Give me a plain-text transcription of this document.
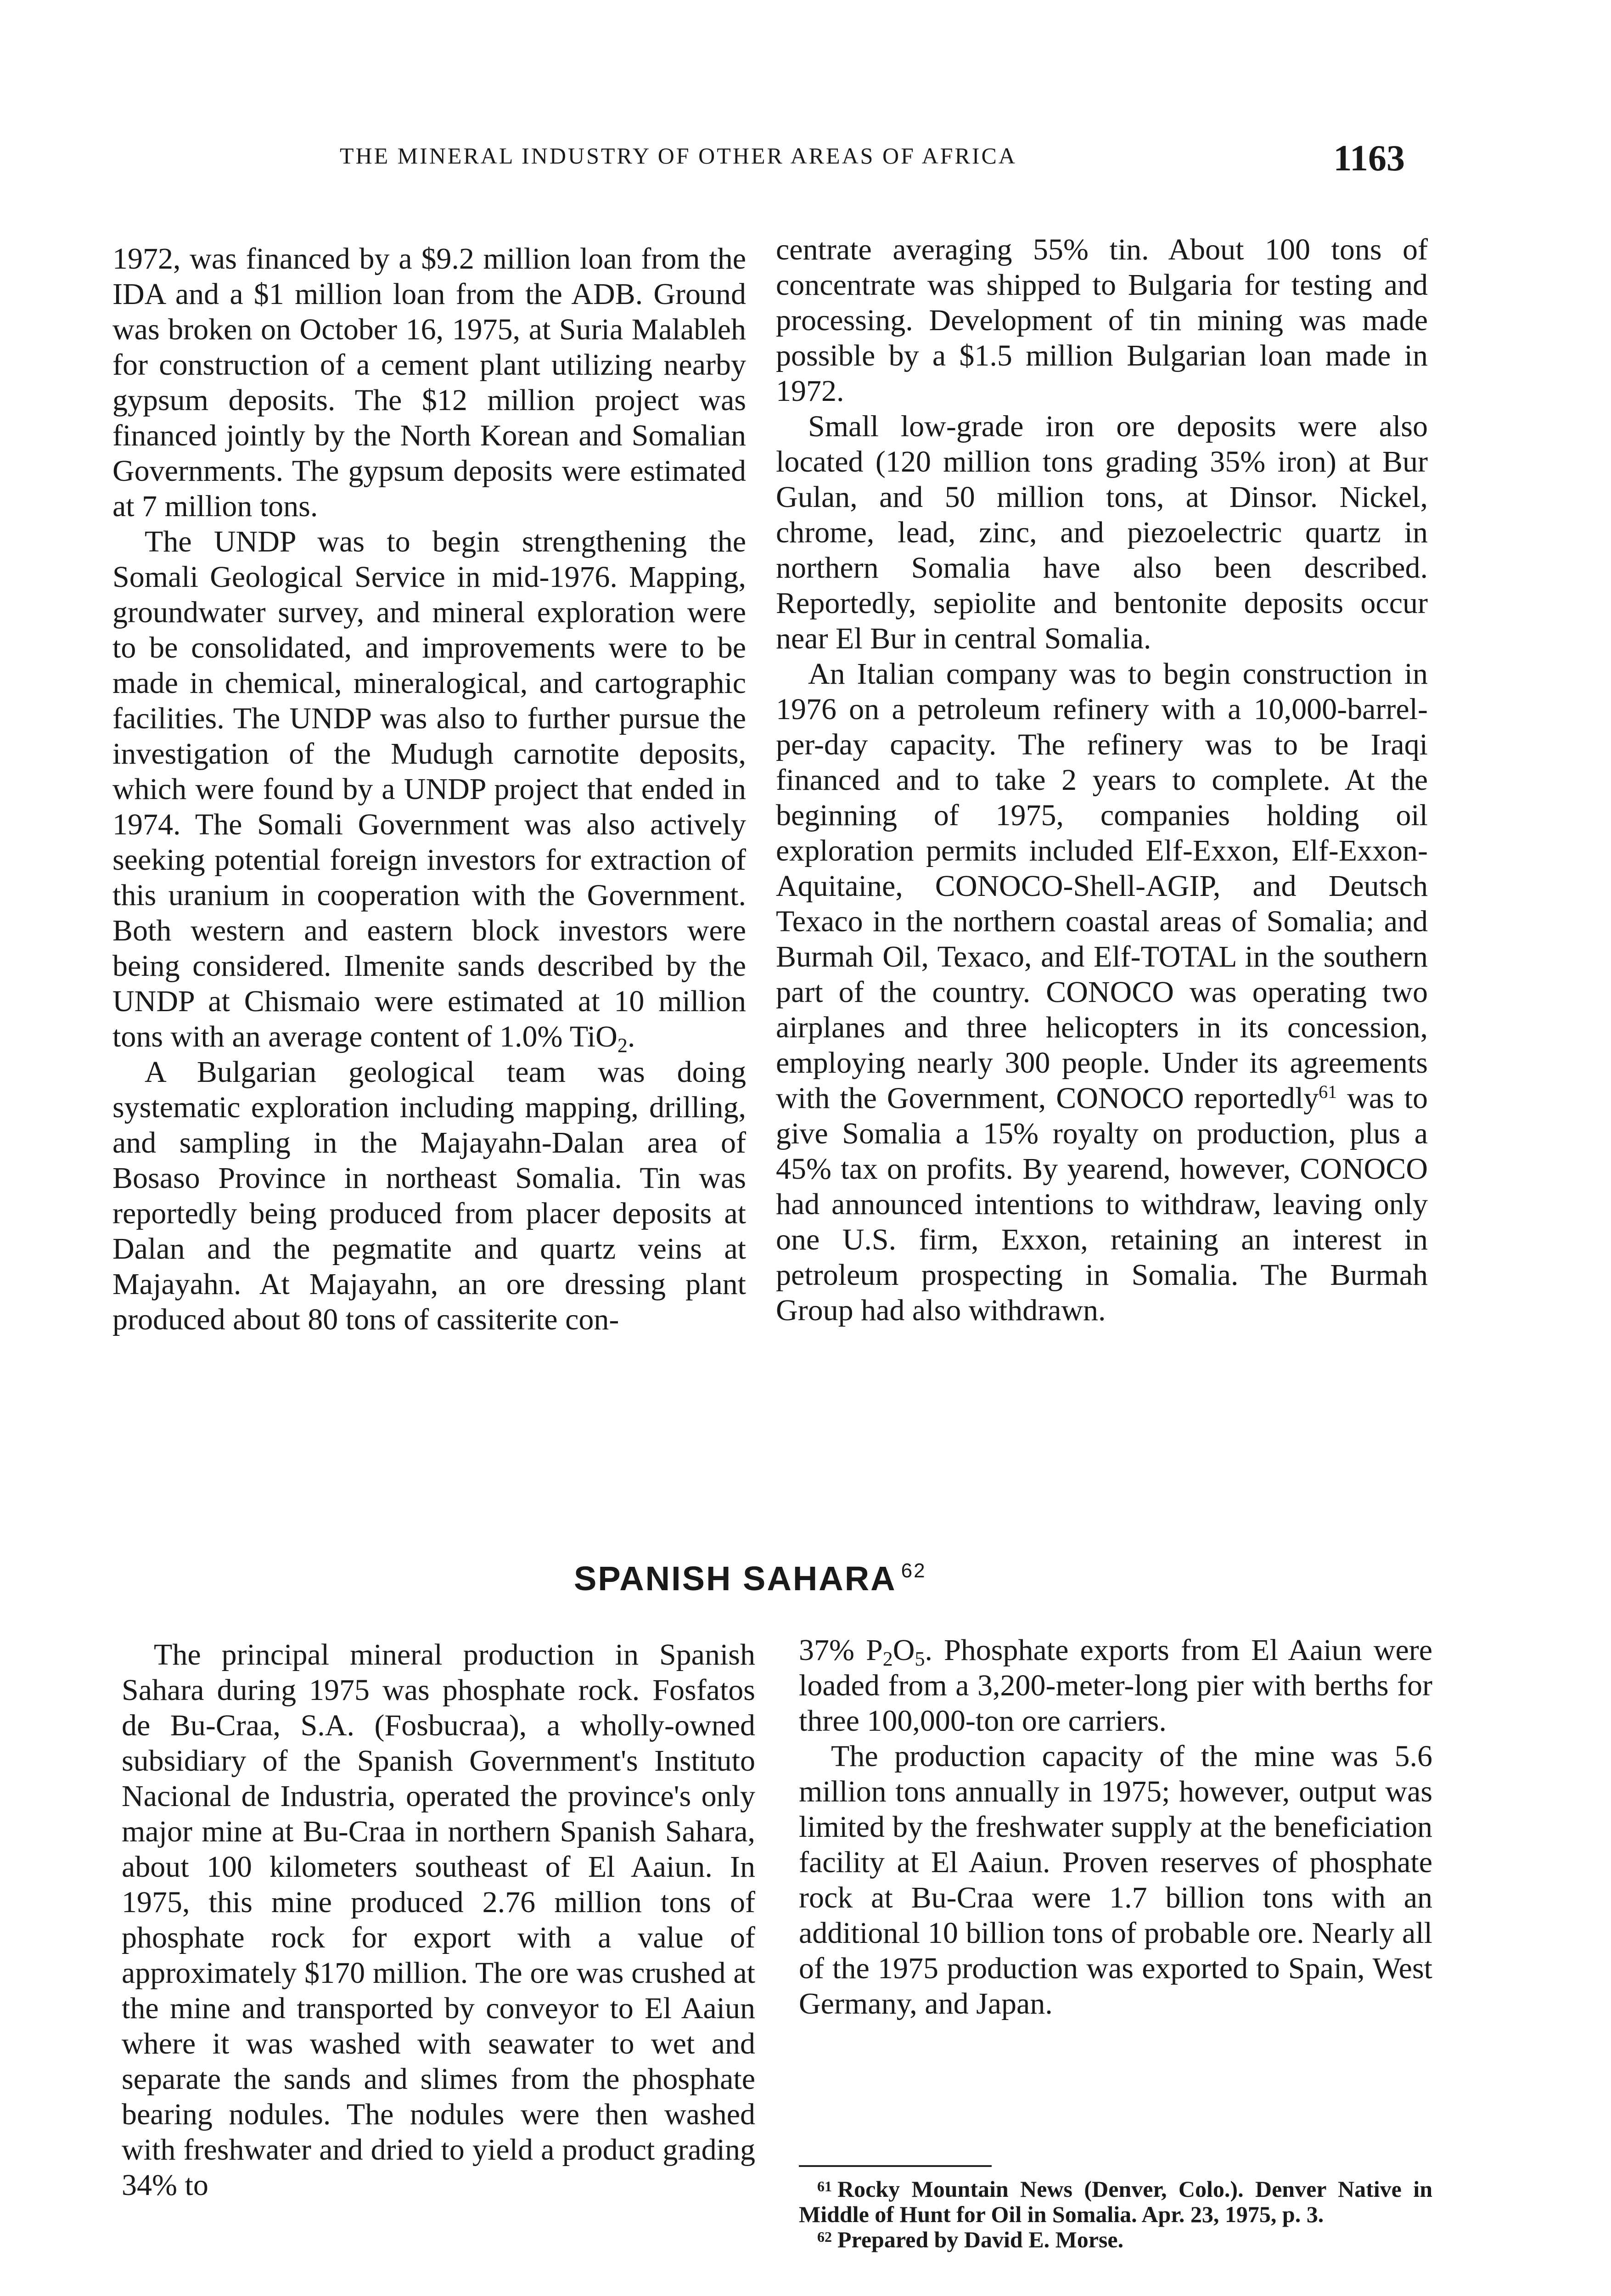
THE MINERAL INDUSTRY OF OTHER AREAS OF AFRICA	1163

1972, was financed by a $9.2 million loan from the IDA and a $1 million loan from the ADB. Ground was broken on October 16, 1975, at Suria Malableh for construction of a cement plant utilizing nearby gypsum deposits. The $12 million project was financed jointly by the North Korean and Somalian Governments. The gypsum deposits were estimated at 7 million tons.

The UNDP was to begin strengthening the Somali Geological Service in mid-1976. Mapping, groundwater survey, and mineral exploration were to be consolidated, and improvements were to be made in chemical, mineralogical, and cartographic facilities. The UNDP was also to further pursue the investigation of the Mudugh carnotite deposits, which were found by a UNDP project that ended in 1974. The Somali Government was also actively seeking potential foreign investors for extraction of this uranium in cooperation with the Government. Both western and eastern block investors were being considered. Ilmenite sands described by the UNDP at Chismaio were estimated at 10 million tons with an average content of 1.0% TiO$_2$.

A Bulgarian geological team was doing systematic exploration including mapping, drilling, and sampling in the Majayahn-Dalan area of Bosaso Province in northeast Somalia. Tin was reportedly being produced from placer deposits at Dalan and the pegmatite and quartz veins at Majayahn. At Majayahn, an ore dressing plant produced about 80 tons of cassiterite con-

centrate averaging 55% tin. About 100 tons of concentrate was shipped to Bulgaria for testing and processing. Development of tin mining was made possible by a $1.5 million Bulgarian loan made in 1972.

Small low-grade iron ore deposits were also located (120 million tons grading 35% iron) at Bur Gulan, and 50 million tons, at Dinsor. Nickel, chrome, lead, zinc, and piezoelectric quartz in northern Somalia have also been described. Reportedly, sepiolite and bentonite deposits occur near El Bur in central Somalia.

An Italian company was to begin construction in 1976 on a petroleum refinery with a 10,000-barrel-per-day capacity. The refinery was to be Iraqi financed and to take 2 years to complete. At the beginning of 1975, companies holding oil exploration permits included Elf-Exxon, Elf-Exxon-Aquitaine, CONOCO-Shell-AGIP, and Deutsch Texaco in the northern coastal areas of Somalia; and Burmah Oil, Texaco, and Elf-TOTAL in the southern part of the country. CONOCO was operating two airplanes and three helicopters in its concession, employing nearly 300 people. Under its agreements with the Government, CONOCO reportedly$^{61}$ was to give Somalia a 15% royalty on production, plus a 45% tax on profits. By yearend, however, CONOCO had announced intentions to withdraw, leaving only one U.S. firm, Exxon, retaining an interest in petroleum prospecting in Somalia. The Burmah Group had also withdrawn.

SPANISH SAHARA $^{62}$

The principal mineral production in Spanish Sahara during 1975 was phosphate rock. Fosfatos de Bu-Craa, S.A. (Fosbucraa), a wholly-owned subsidiary of the Spanish Government's Instituto Nacional de Industria, operated the province's only major mine at Bu-Craa in northern Spanish Sahara, about 100 kilometers southeast of El Aaiun. In 1975, this mine produced 2.76 million tons of phosphate rock for export with a value of approximately $170 million. The ore was crushed at the mine and transported by conveyor to El Aaiun where it was washed with seawater to wet and separate the sands and slimes from the phosphate bearing nodules. The nodules were then washed with freshwater and dried to yield a product grading 34% to

37% $P_2O_5$. Phosphate exports from El Aaiun were loaded from a 3,200-meter-long pier with berths for three 100,000-ton ore carriers.

The production capacity of the mine was 5.6 million tons annually in 1975; however, output was limited by the freshwater supply at the beneficiation facility at El Aaiun. Proven reserves of phosphate rock at Bu-Craa were 1.7 billion tons with an additional 10 billion tons of probable ore. Nearly all of the 1975 production was exported to Spain, West Germany, and Japan.

$^{61}$ Rocky Mountain News (Denver, Colo.). Denver Native in Middle of Hunt for Oil in Somalia. Apr. 23, 1975, p. 3.

$^{62}$ Prepared by David E. Morse.
